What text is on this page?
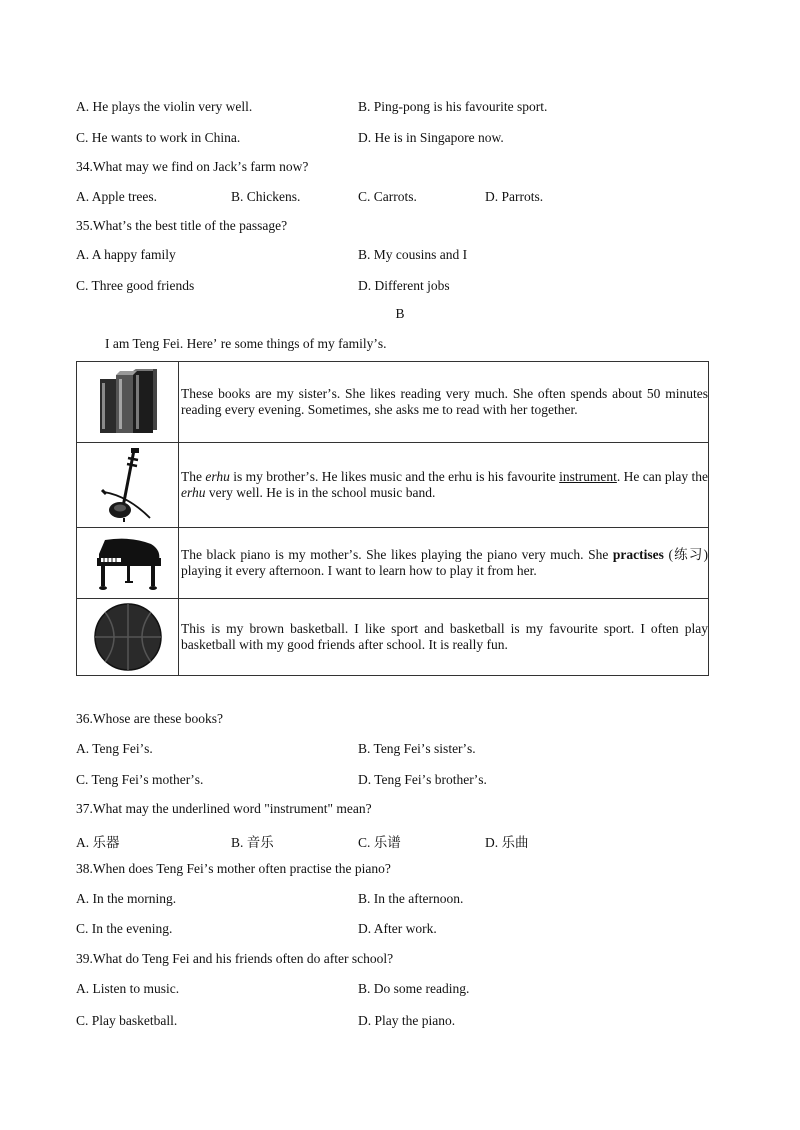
A. He plays the violin very well.	B. Ping-pong is his favourite sport.
C. He wants to work in China.	D. He is in Singapore now.
34.What may we find on Jackʼs farm now?
A. Apple trees.	B. Chickens.	C. Carrots.	D. Parrots.
35.Whatʼs the best title of the passage?
A. A happy family	B. My cousins and I
C. Three good friends	D. Different jobs
B
I am Teng Fei. Hereʼ re some things of my familyʼs.
	These books are my sisterʼs. She likes reading very much. She often spends about 50 minutes reading every evening. Sometimes, she asks me to read with her together.

	The erhu is my brotherʼs. He likes music and the erhu is his favourite instrument. He can play the erhu very well. He is in the school music band.

	The black piano is my motherʼs. She likes playing the piano very much. She practises (练习) playing it every afternoon. I want to learn how to play it from her.

	This is my brown basketball. I like sport and basketball is my favourite sport. I often play basketball with my good friends after school. It is really fun.
36.Whose are these books?
A. Teng Feiʼs.	B. Teng Feiʼs sisterʼs.
C. Teng Feiʼs motherʼs.	D. Teng Feiʼs brotherʼs.
37.What may the underlined word "instrument" mean?
A. 乐器	B. 音乐	C. 乐谱	D. 乐曲
38.When does Teng Feiʼs mother often practise the piano?
A. In the morning.	B. In the afternoon.
C. In the evening.	D. After work.
39.What do Teng Fei and his friends often do after school?
A. Listen to music.	B. Do some reading.
C. Play basketball.	D. Play the piano.
